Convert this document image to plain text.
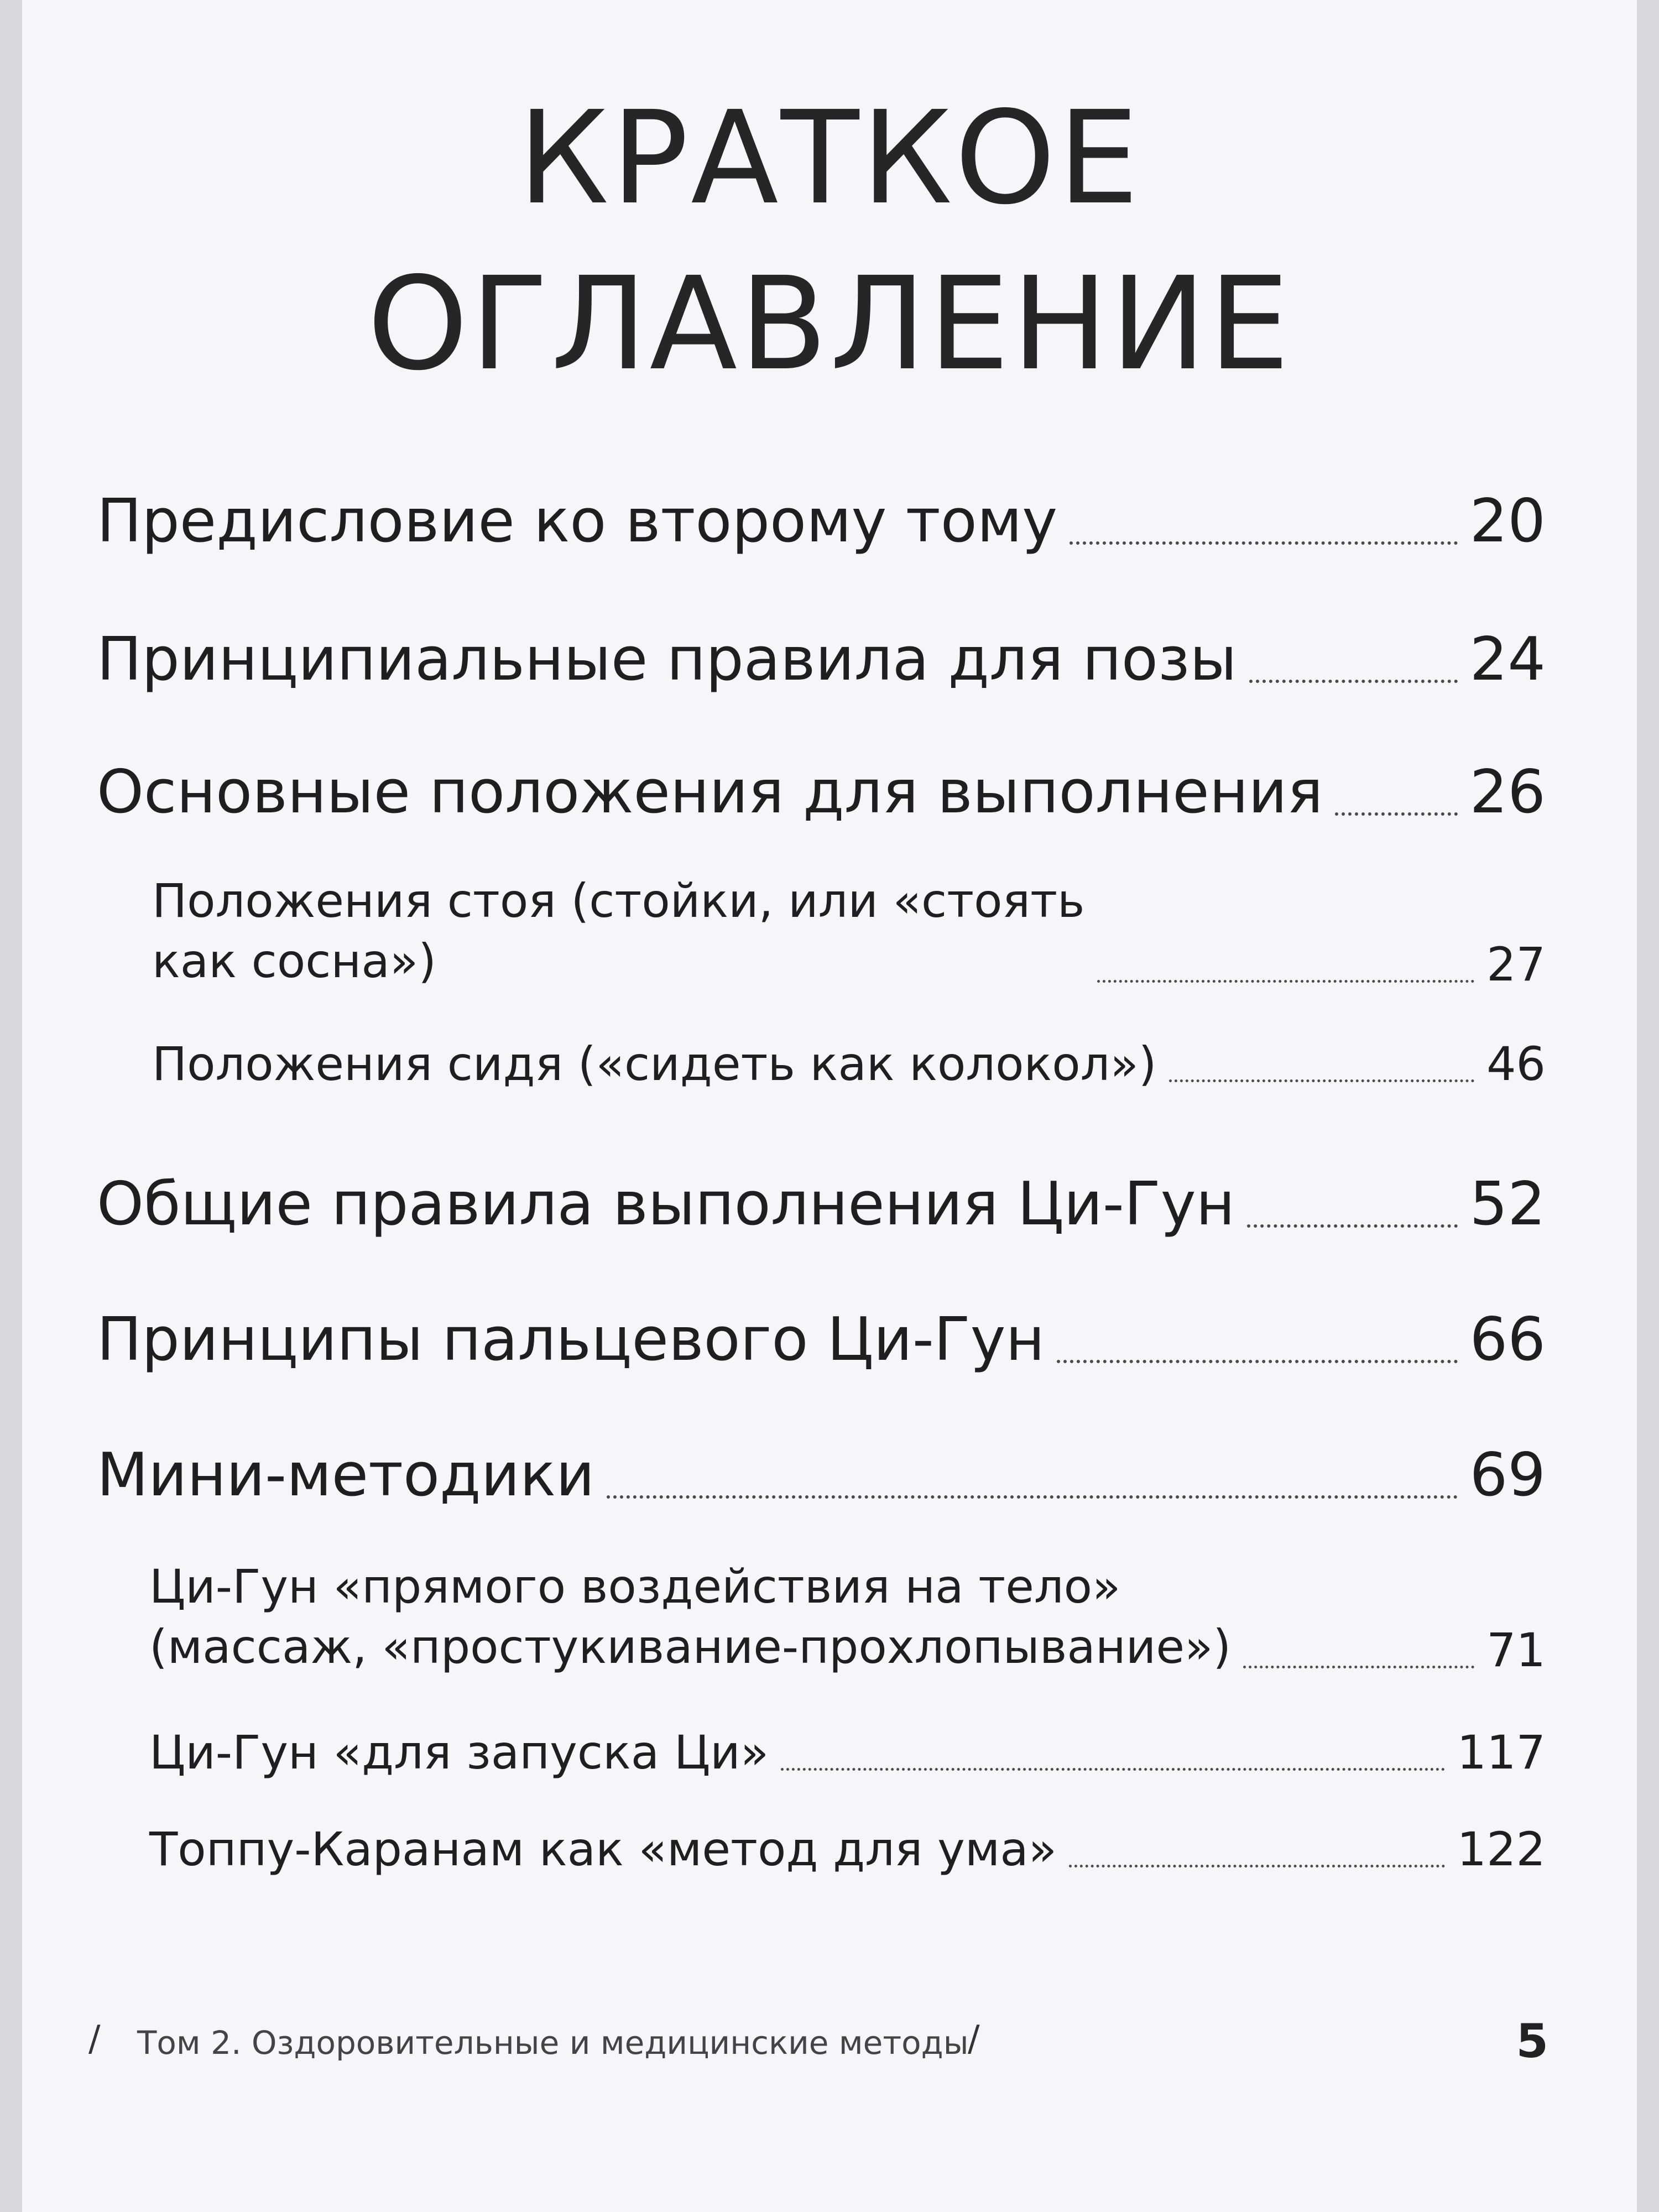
КРАТКОЕ
ОГЛАВЛЕНИЕ
Предисловие ко второму тому	20
Принципиальные правила для позы	24
Основные положения для выполнения 26
Положения стоя (стойки, или «стоять
как сосна»)	27
Положения сидя («сидеть как колокол»)	46
Общие правила выполнения Ци-Гун	52
Принципы пальцевого Ци-Гун	66
Мини-методики	69
Ци-Гун «прямого воздействия на тело»
(массаж, «простукивание-прохлопывание»)	71
Ци-Гун «для запуска Ци»	117
Топпу-Каранам как «метод для ума»	122
/ Том 2. Оздоровительные и медицинские методы
/	5
